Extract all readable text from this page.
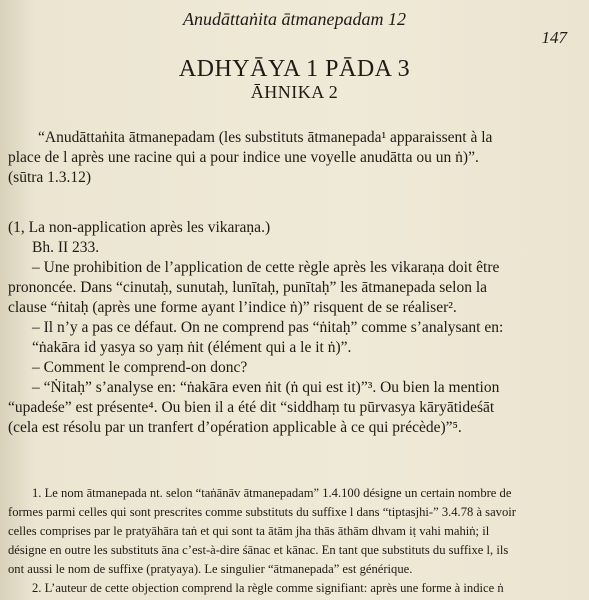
Anudāttaṅita ātmanepadam 12
147
ADHYĀYA 1 PĀDA 3
ĀHNIKA 2

“Anudāttaṅita ātmanepadam (les substituts ātmanepada¹ apparaissent à la

place de l après une racine qui a pour indice une voyelle anudātta ou un ṅ)”.

(sūtra 1.3.12)

(1, La non-application après les vikaraṇa.)

Bh. II 233.

– Une prohibition de l’application de cette règle après les vikaraṇa doit être

prononcée. Dans “cinutaḥ, sunutaḥ, lunītaḥ, punītaḥ” les ātmanepada selon la

clause “ṅitaḥ (après une forme ayant l’indice ṅ)” risquent de se réaliser².

– Il n’y a pas ce défaut. On ne comprend pas “ṅitaḥ” comme s’analysant en:

“ṅakāra id yasya so yaṃ ṅit (élément qui a le it ṅ)”.

– Comment le comprend-on donc?

– “Ṅitaḥ” s’analyse en: “ṅakāra even ṅit (ṅ qui est it)”³. Ou bien la mention

“upadeśe” est présente⁴. Ou bien il a été dit “siddhaṃ tu pūrvasya kāryātideśāt

(cela est résolu par un tranfert d’opération applicable à ce qui précède)”⁵.

1. Le nom ātmanepada nt. selon “taṅānāv ātmanepadam” 1.4.100 désigne un certain nombre de

formes parmi celles qui sont prescrites comme substituts du suffixe l dans “tiptasjhi-” 3.4.78 à savoir

celles comprises par le pratyāhāra taṅ et qui sont ta ātām jha thās āthām dhvam iṭ vahi mahiṅ; il

désigne en outre les substituts āna c’est-à-dire śānac et kānac. En tant que substituts du suffixe l, ils

ont aussi le nom de suffixe (pratyaya). Le singulier “ātmanepada” est générique.

2. L’auteur de cette objection comprend la règle comme signifiant: après une forme à indice ṅ
